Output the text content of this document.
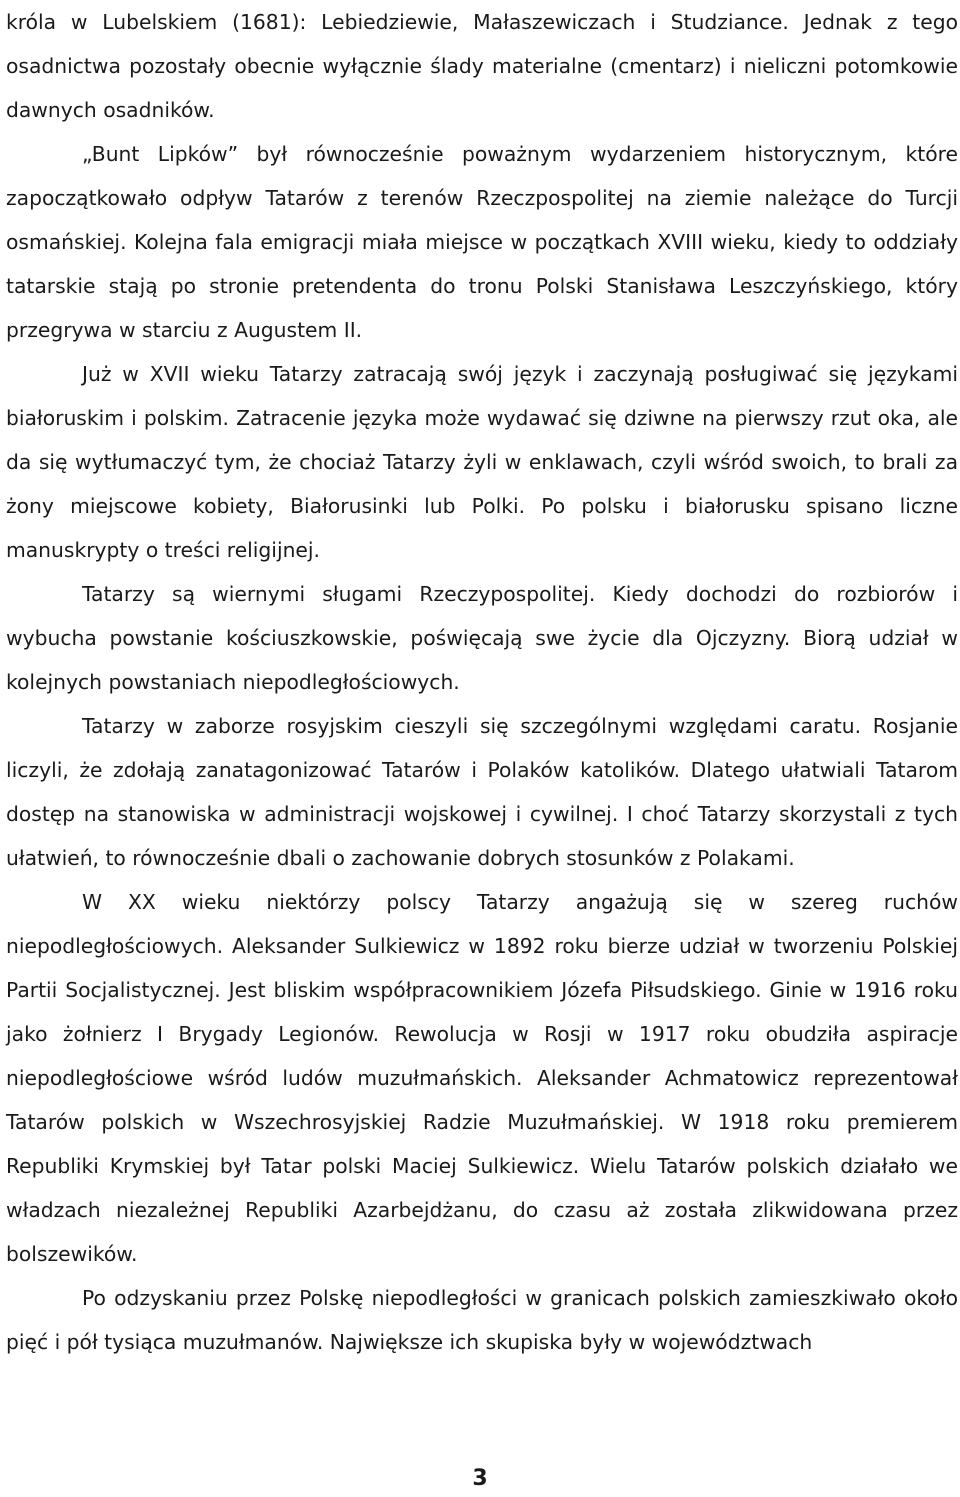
króla w Lubelskiem (1681): Lebiedziewie, Małaszewiczach i Studziance. Jednak z tego osadnictwa pozostały obecnie wyłącznie ślady materialne (cmentarz) i nieliczni potomkowie dawnych osadników.

„Bunt Lipków” był równocześnie poważnym wydarzeniem historycznym, które zapoczątkowało odpływ Tatarów z terenów Rzeczpospolitej na ziemie należące do Turcji osmańskiej. Kolejna fala emigracji miała miejsce w początkach XVIII wieku, kiedy to oddziały tatarskie stają po stronie pretendenta do tronu Polski Stanisława Leszczyńskiego, który przegrywa w starciu z Augustem II.

Już w XVII wieku Tatarzy zatracają swój język i zaczynają posługiwać się językami białoruskim i polskim. Zatracenie języka może wydawać się dziwne na pierwszy rzut oka, ale da się wytłumaczyć tym, że chociaż Tatarzy żyli w enklawach, czyli wśród swoich, to brali za żony miejscowe kobiety, Białorusinki lub Polki. Po polsku i białorusku spisano liczne manuskrypty o treści religijnej.

Tatarzy są wiernymi sługami Rzeczypospolitej. Kiedy dochodzi do rozbiorów i wybucha powstanie kościuszkowskie, poświęcają swe życie dla Ojczyzny. Biorą udział w kolejnych powstaniach niepodległościowych.

Tatarzy w zaborze rosyjskim cieszyli się szczególnymi względami caratu. Rosjanie liczyli, że zdołają zanatagonizować Tatarów i Polaków katolików. Dlatego ułatwiali Tatarom dostęp na stanowiska w administracji wojskowej i cywilnej. I choć Tatarzy skorzystali z tych ułatwień, to równocześnie dbali o zachowanie dobrych stosunków z Polakami.

W XX wieku niektórzy polscy Tatarzy angażują się w szereg ruchów niepodległościowych. Aleksander Sulkiewicz w 1892 roku bierze udział w tworzeniu Polskiej Partii Socjalistycznej. Jest bliskim współpracownikiem Józefa Piłsudskiego. Ginie w 1916 roku jako żołnierz I Brygady Legionów. Rewolucja w Rosji w 1917 roku obudziła aspiracje niepodległościowe wśród ludów muzułmańskich. Aleksander Achmatowicz reprezentował Tatarów polskich w Wszechrosyjskiej Radzie Muzułmańskiej. W 1918 roku premierem Republiki Krymskiej był Tatar polski Maciej Sulkiewicz. Wielu Tatarów polskich działało we władzach niezależnej Republiki Azarbejdżanu, do czasu aż została zlikwidowana przez bolszewików.

Po odzyskaniu przez Polskę niepodległości w granicach polskich zamieszkiwało około pięć i pół tysiąca muzułmanów. Największe ich skupiska były w województwach

3
